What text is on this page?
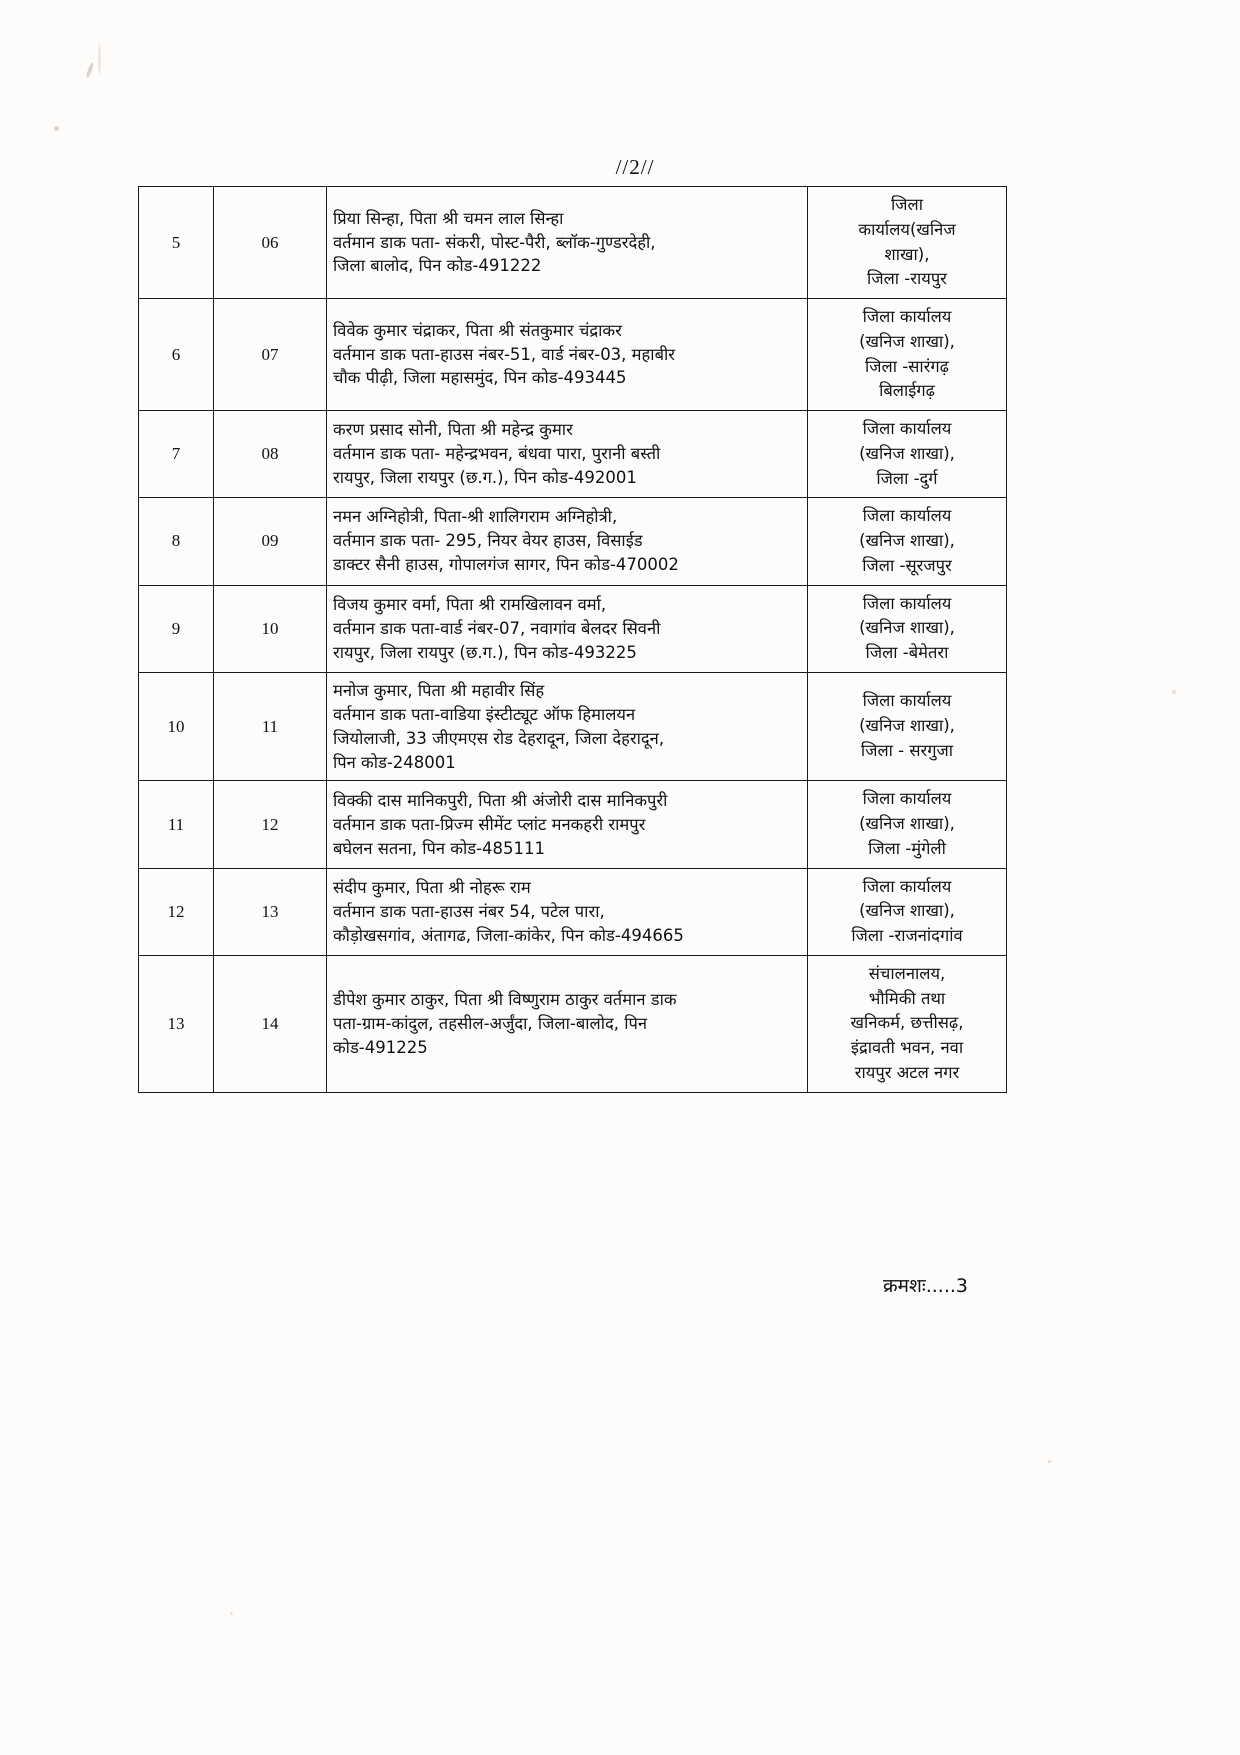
//2//
5	06	प्रिया सिन्हा, पिता श्री चमन लाल सिन्हा
वर्तमान डाक पता- संकरी, पोस्ट-पैरी, ब्लॉक-गुण्डरदेही,
जिला बालोद, पिन कोड-491222	जिला
कार्यालय(खनिज
शाखा),
जिला -रायपुर

6	07	विवेक कुमार चंद्राकर, पिता श्री संतकुमार चंद्राकर
वर्तमान डाक पता-हाउस नंबर-51, वार्ड नंबर-03, महाबीर
चौक पीढ़ी, जिला महासमुंद, पिन कोड-493445	जिला कार्यालय
(खनिज शाखा),
जिला -सारंगढ़
बिलाईगढ़

7	08	करण प्रसाद सोनी, पिता श्री महेन्द्र कुमार
वर्तमान डाक पता- महेन्द्रभवन, बंधवा पारा, पुरानी बस्ती
रायपुर, जिला रायपुर (छ.ग.), पिन कोड-492001	जिला कार्यालय
(खनिज शाखा),
जिला -दुर्ग

8	09	नमन अग्निहोत्री, पिता-श्री शालिगराम अग्निहोत्री,
वर्तमान डाक पता- 295, नियर वेयर हाउस, विसाईड
डाक्टर सैनी हाउस, गोपालगंज सागर, पिन कोड-470002	जिला कार्यालय
(खनिज शाखा),
जिला -सूरजपुर

9	10	विजय कुमार वर्मा, पिता श्री रामखिलावन वर्मा,
वर्तमान डाक पता-वार्ड नंबर-07, नवागांव बेलदर सिवनी
रायपुर, जिला रायपुर (छ.ग.), पिन कोड-493225	जिला कार्यालय
(खनिज शाखा),
जिला -बेमेतरा

10	11	मनोज कुमार, पिता श्री महावीर सिंह
वर्तमान डाक पता-वाडिया इंस्टीट्यूट ऑफ हिमालयन
जियोलाजी, 33 जीएमएस रोड देहरादून, जिला देहरादून,
पिन कोड-248001	जिला कार्यालय
(खनिज शाखा),
जिला - सरगुजा

11	12	विक्की दास मानिकपुरी, पिता श्री अंजोरी दास मानिकपुरी
वर्तमान डाक पता-प्रिज्म सीमेंट प्लांट मनकहरी रामपुर
बघेलन सतना, पिन कोड-485111	जिला कार्यालय
(खनिज शाखा),
जिला -मुंगेली

12	13	संदीप कुमार, पिता श्री नोहरू राम
वर्तमान डाक पता-हाउस नंबर 54, पटेल पारा,
कौड़ोखसगांव, अंतागढ, जिला-कांकेर, पिन कोड-494665	जिला कार्यालय
(खनिज शाखा),
जिला -राजनांदगांव

13	14	डीपेश कुमार ठाकुर, पिता श्री विष्णुराम ठाकुर वर्तमान डाक
पता-ग्राम-कांदुल, तहसील-अर्जुंदा, जिला-बालोद, पिन
कोड-491225	संचालनालय,
भौमिकी तथा
खनिकर्म, छत्तीसढ़,
इंद्रावती भवन, नवा
रायपुर अटल नगर
क्रमशः.....3
